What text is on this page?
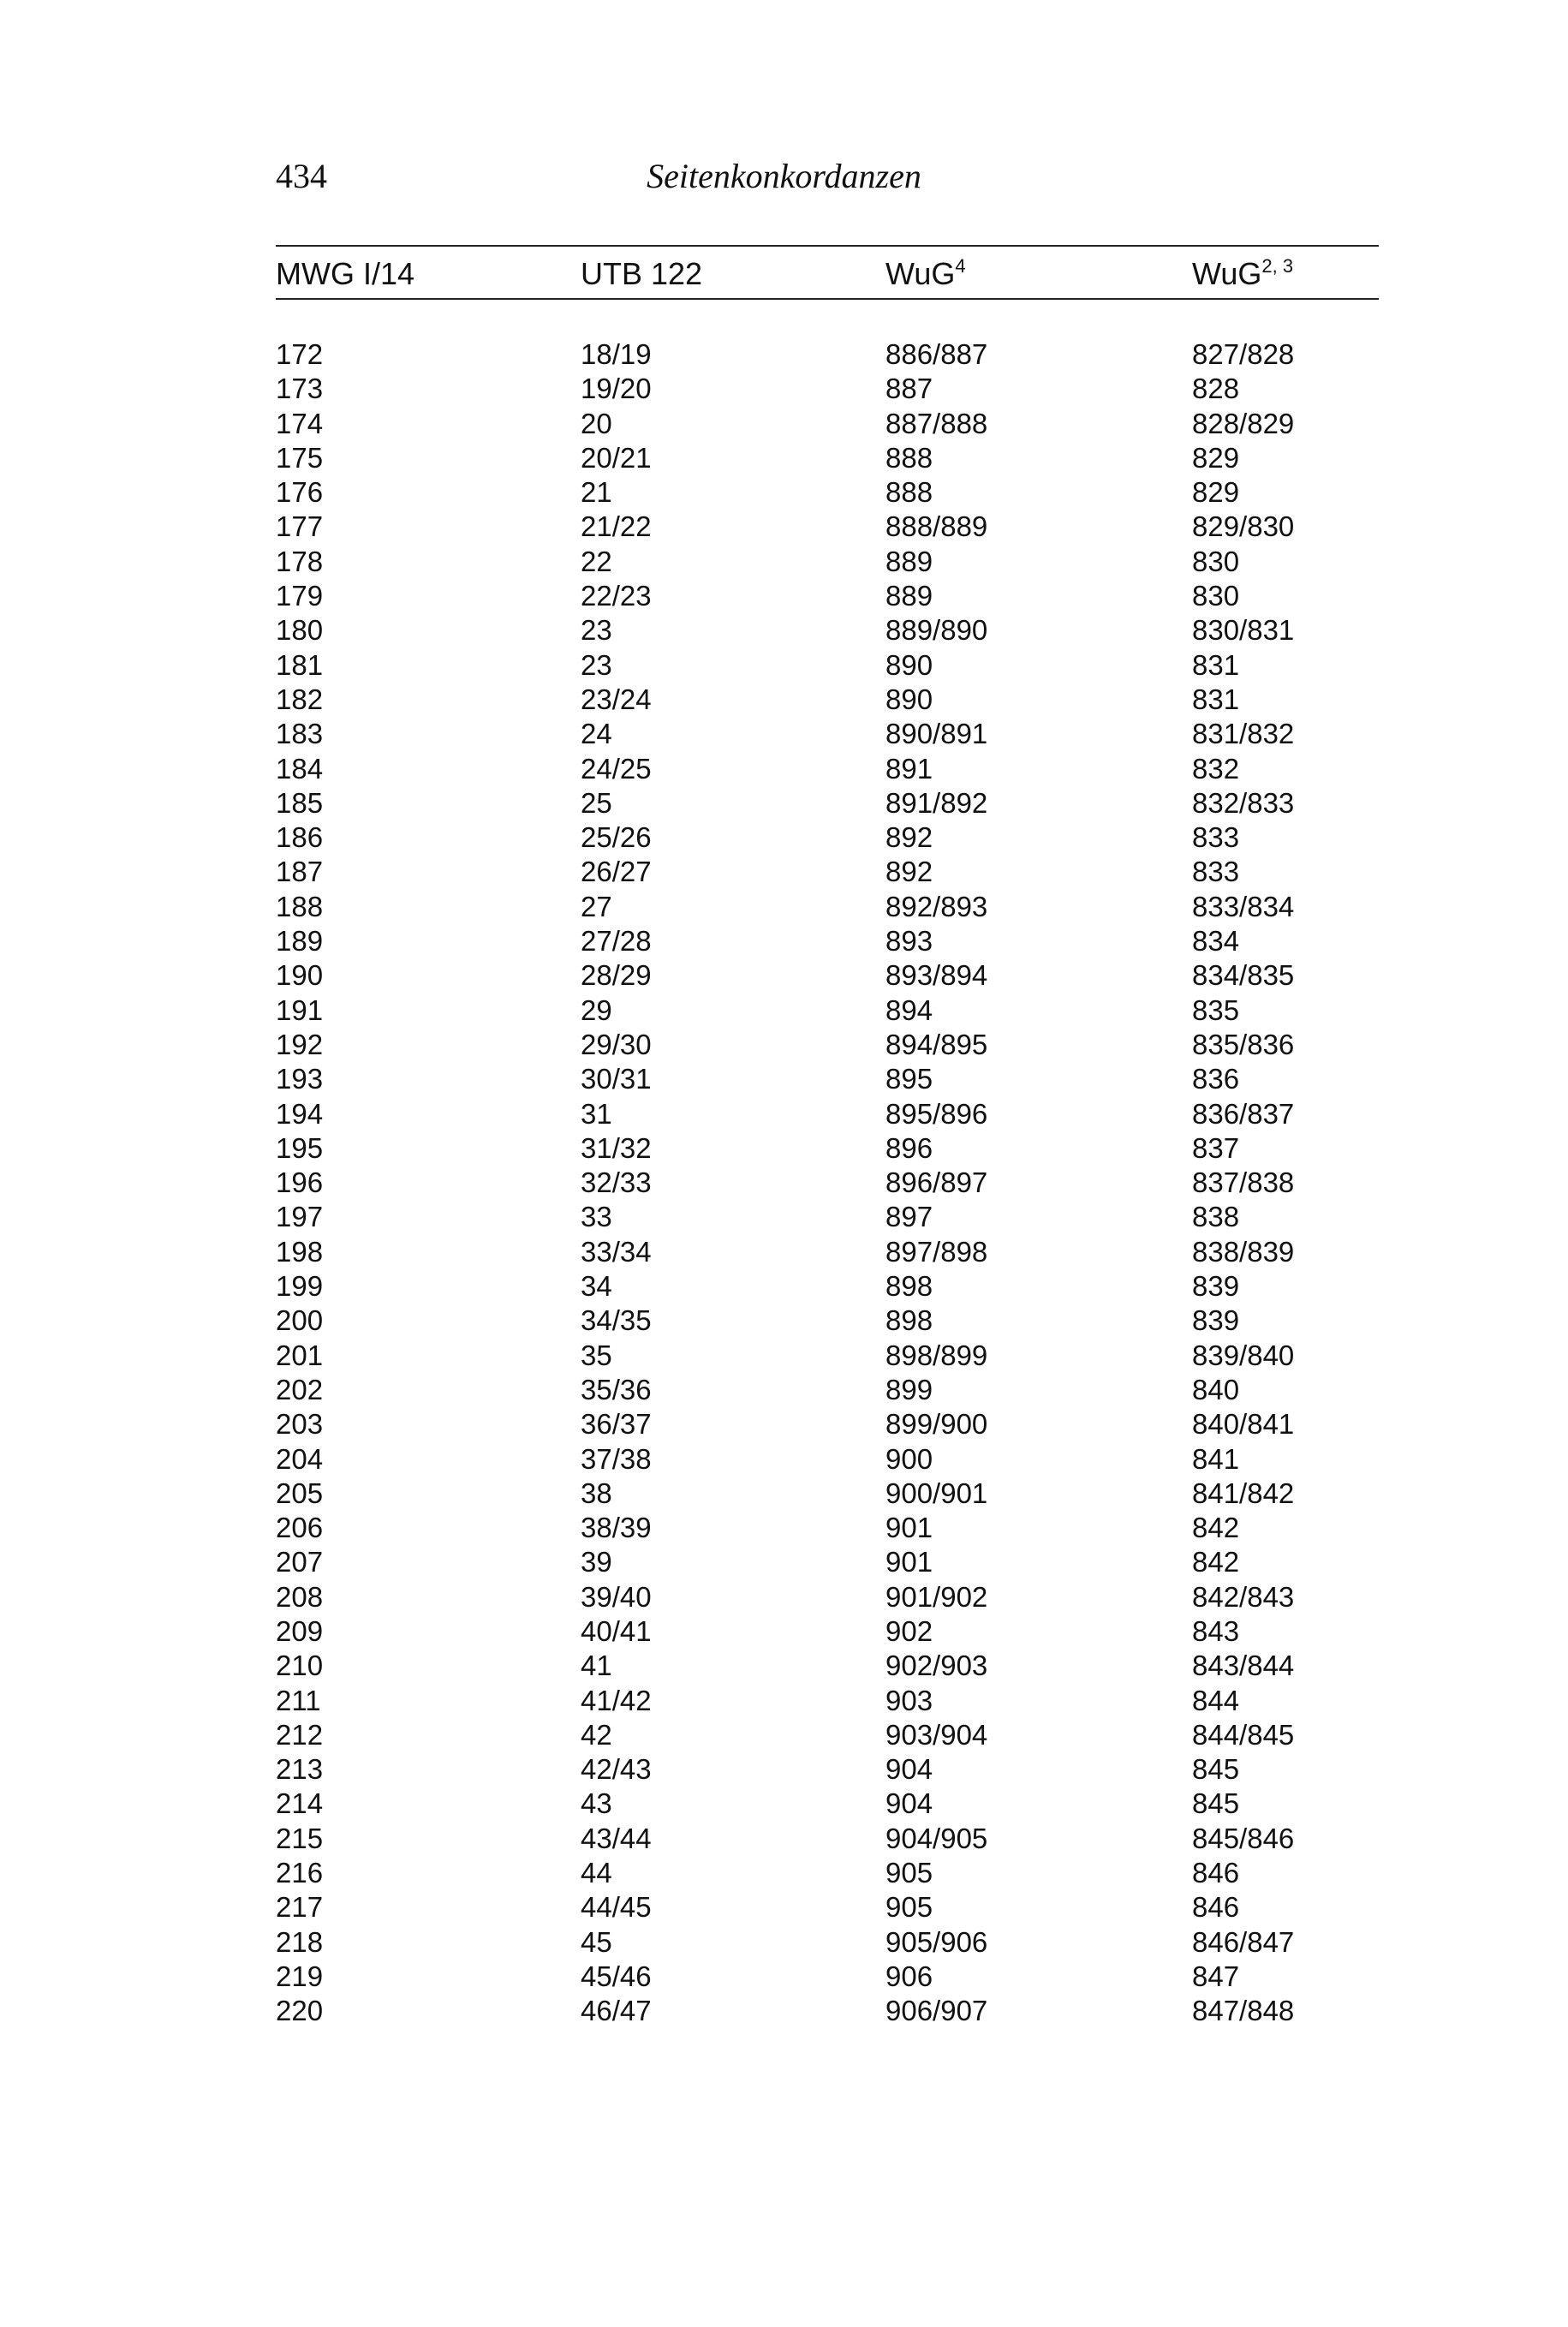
434	Seitenkonkordanzen
MWG I/14	UTB 122	WuG$^4$	WuG$^{2, 3}$
172	18/19	886/887	827/828
173	19/20	887	828
174	20	887/888	828/829
175	20/21	888	829
176	21	888	829
177	21/22	888/889	829/830
178	22	889	830
179	22/23	889	830
180	23	889/890	830/831
181	23	890	831
182	23/24	890	831
183	24	890/891	831/832
184	24/25	891	832
185	25	891/892	832/833
186	25/26	892	833
187	26/27	892	833
188	27	892/893	833/834
189	27/28	893	834
190	28/29	893/894	834/835
191	29	894	835
192	29/30	894/895	835/836
193	30/31	895	836
194	31	895/896	836/837
195	31/32	896	837
196	32/33	896/897	837/838
197	33	897	838
198	33/34	897/898	838/839
199	34	898	839
200	34/35	898	839
201	35	898/899	839/840
202	35/36	899	840
203	36/37	899/900	840/841
204	37/38	900	841
205	38	900/901	841/842
206	38/39	901	842
207	39	901	842
208	39/40	901/902	842/843
209	40/41	902	843
210	41	902/903	843/844
211	41/42	903	844
212	42	903/904	844/845
213	42/43	904	845
214	43	904	845
215	43/44	904/905	845/846
216	44	905	846
217	44/45	905	846
218	45	905/906	846/847
219	45/46	906	847
220	46/47	906/907	847/848
